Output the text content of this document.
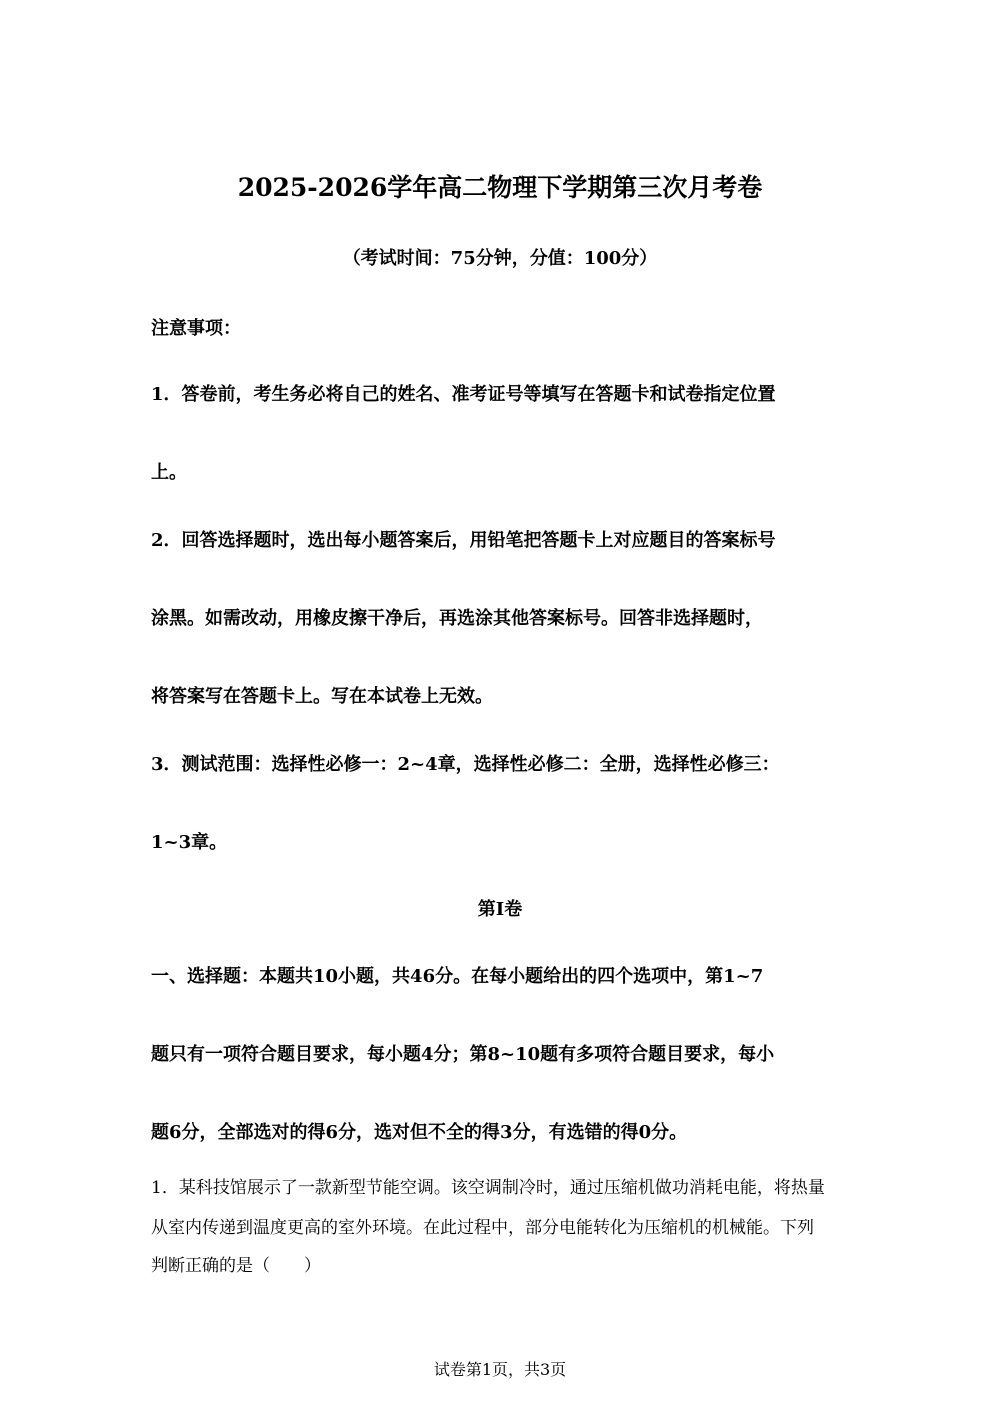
2025-2026学年高二物理下学期第三次月考卷
（考试时间：75分钟，分值：100分）
注意事项：
1．答卷前，考生务必将自己的姓名、准考证号等填写在答题卡和试卷指定位置
上。
2．回答选择题时，选出每小题答案后，用铅笔把答题卡上对应题目的答案标号
涂黑。如需改动，用橡皮擦干净后，再选涂其他答案标号。回答非选择题时，
将答案写在答题卡上。写在本试卷上无效。
3．测试范围：选择性必修一：2~4章，选择性必修二：全册，选择性必修三：
1~3章。
第Ⅰ卷
一、选择题：本题共10小题，共46分。在每小题给出的四个选项中，第1~7
题只有一项符合题目要求，每小题4分；第8~10题有多项符合题目要求，每小
题6分，全部选对的得6分，选对但不全的得3分，有选错的得0分。
1．某科技馆展示了一款新型节能空调。该空调制冷时，通过压缩机做功消耗电能，将热量
从室内传递到温度更高的室外环境。在此过程中，部分电能转化为压缩机的机械能。下列
判断正确的是（　　）
试卷第1页，共3页
